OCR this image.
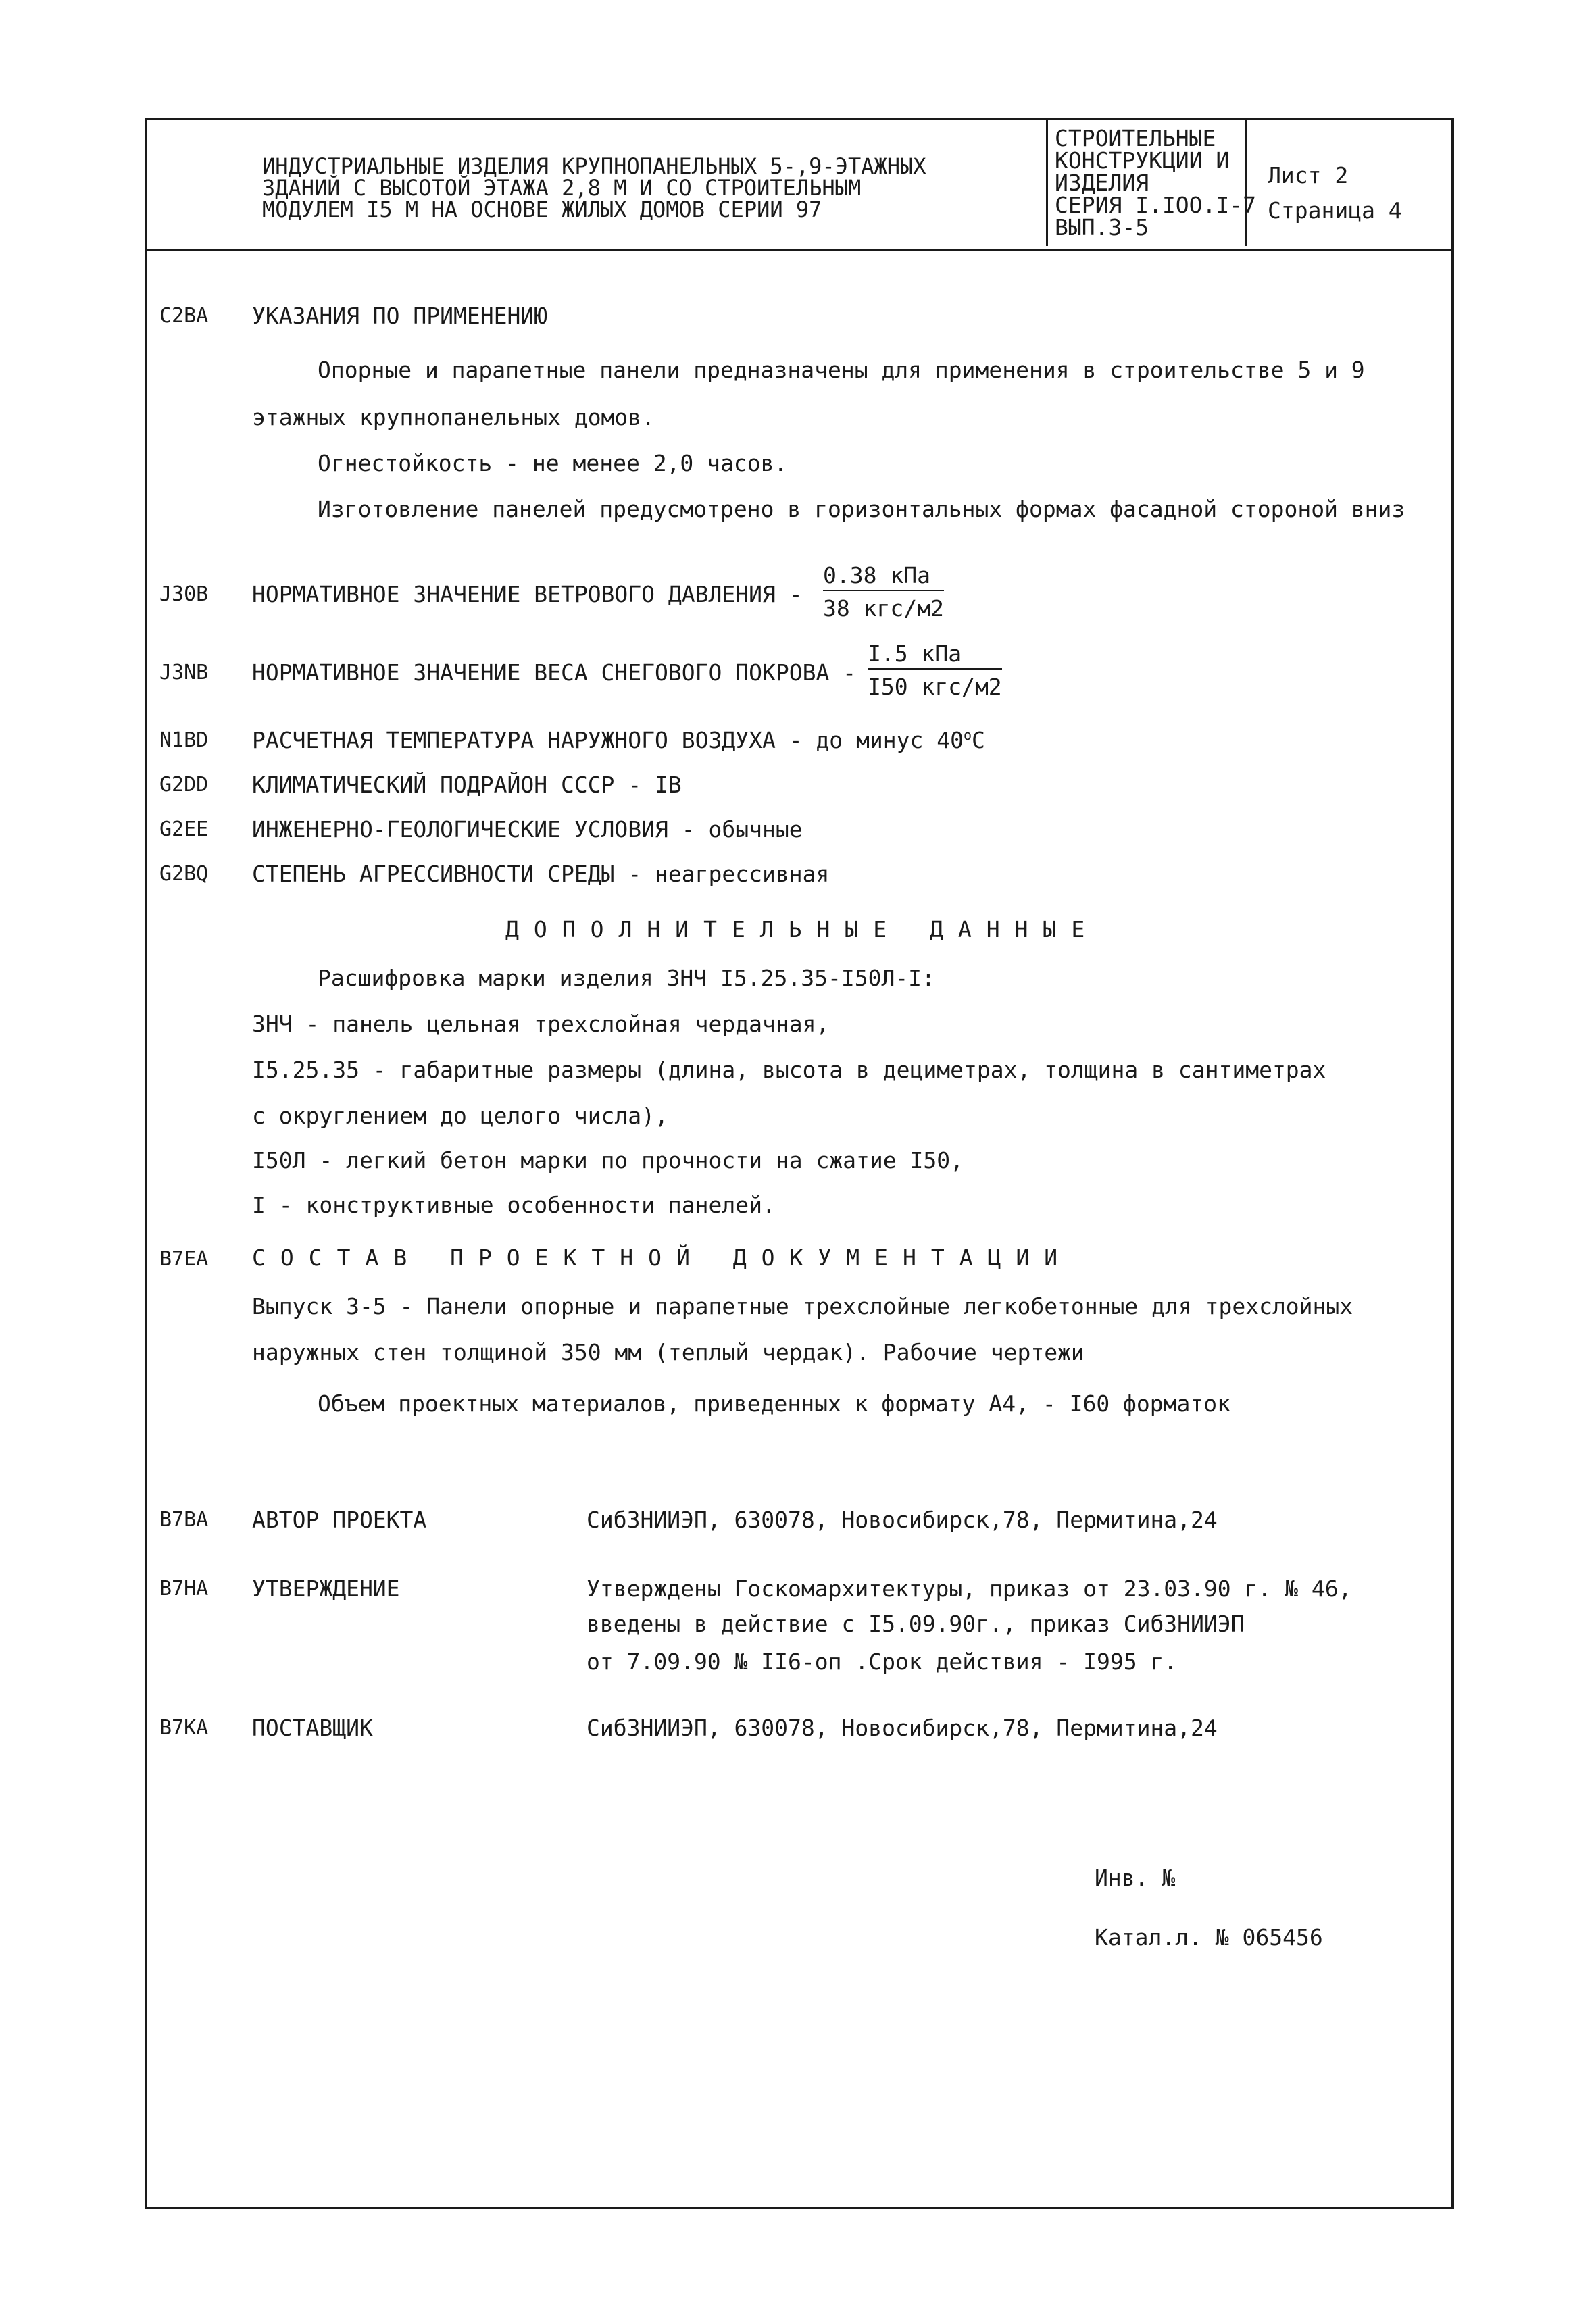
ИНДУСТРИАЛЬНЫЕ ИЗДЕЛИЯ КРУПНОПАНЕЛЬНЫХ 5-,9-ЭТАЖНЫХ
ЗДАНИЙ С ВЫСОТОЙ ЭТАЖА 2,8 М И СО СТРОИТЕЛЬНЫМ
МОДУЛЕМ I5 М НА ОСНОВЕ ЖИЛЫХ ДОМОВ СЕРИИ 97
СТРОИТЕЛЬНЫЕ
КОНСТРУКЦИИ И
ИЗДЕЛИЯ
СЕРИЯ I.IOO.I-7
ВЫП.3-5
Лист 2
Страница 4
С2ВА УКАЗАНИЯ ПО ПРИМЕНЕНИЮ
Опорные и парапетные панели предназначены для применения в строительстве 5 и 9
этажных крупнопанельных домов.
Огнестойкость - не менее 2,0 часов.
Изготовление панелей предусмотрено в горизонтальных формах фасадной стороной вниз
J30В НОРМАТИВНОЕ ЗНАЧЕНИЕ ВЕТРОВОГО ДАВЛЕНИЯ -
0.38 кПа
38 кгс/м2
J3NВ НОРМАТИВНОЕ ЗНАЧЕНИЕ ВЕСА СНЕГОВОГО ПОКРОВА -
I.5 кПа
I50 кгс/м2
N1ВD РАСЧЕТНАЯ ТЕМПЕРАТУРА НАРУЖНОГО ВОЗДУХА - до минус $40^оС$
G2DD КЛИМАТИЧЕСКИЙ ПОДРАЙОН СССР - IВ
G2ЕЕ ИНЖЕНЕРНО-ГЕОЛОГИЧЕСКИЕ УСЛОВИЯ - обычные
G2ВQ СТЕПЕНЬ АГРЕССИВНОСТИ СРЕДЫ - неагрессивная
ДОПОЛНИТЕЛЬНЫЕ ДАННЫЕ
Расшифровка марки изделия 3НЧ I5.25.35-I50Л-I:
3НЧ - панель цельная трехслойная чердачная,
I5.25.35 - габаритные размеры (длина, высота в дециметрах, толщина в сантиметрах
с округлением до целого числа),
I50Л - легкий бетон марки по прочности на сжатие I50,
I - конструктивные особенности панелей.
В7ЕА СОСТАВ ПРОЕКТНОЙ ДОКУМЕНТАЦИИ
Выпуск 3-5 - Панели опорные и парапетные трехслойные легкобетонные для трехслойных
наружных стен толщиной 350 мм (теплый чердак). Рабочие чертежи
Объем проектных материалов, приведенных к формату А4, - I60 форматок
В7ВА АВТОР ПРОЕКТА	СибЗНИИЭП, 630078, Новосибирск,78, Пермитина,24
В7НА УТВЕРЖДЕНИЕ	Утверждены Госкомархитектуры, приказ от 23.03.90 г. № 46,
введены в действие с I5.09.90г., приказ СибЗНИИЭП
от 7.09.90 № II6-оп .Срок действия - I995 г.
В7КА ПОСТАВЩИК	СибЗНИИЭП, 630078, Новосибирск,78, Пермитина,24
Инв. №
Катал.л. № 065456
